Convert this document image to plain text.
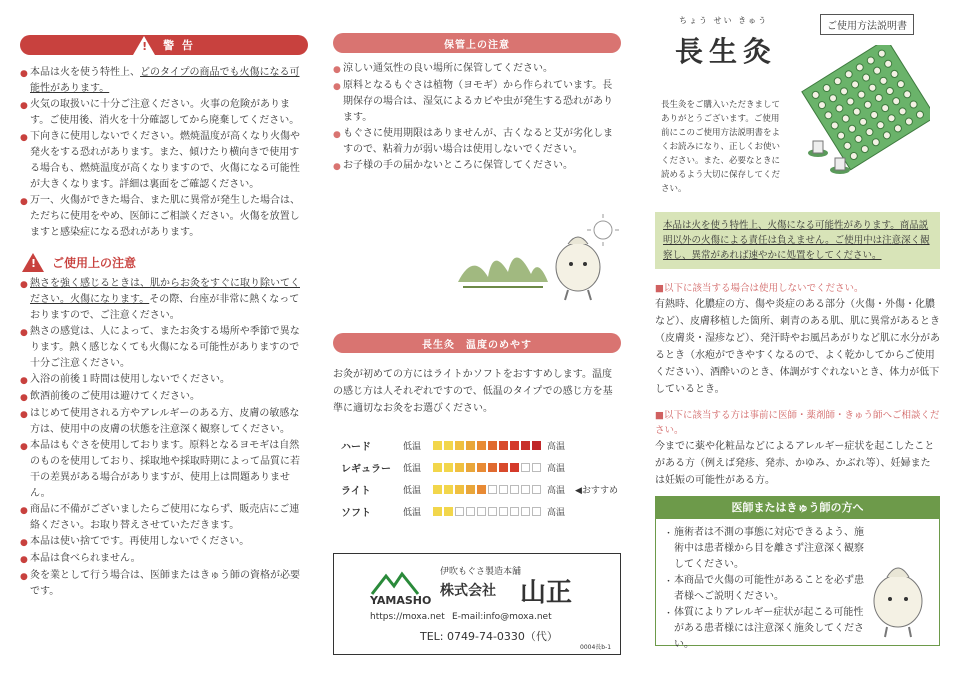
! 警 告
● 本品は火を使う特性上、どのタイプの商品でも火傷になる可能性があります。
● 火気の取扱いに十分ご注意ください。火事の危険があります。ご使用後、消火を十分確認してから廃棄してください。
● 下向きに使用しないでください。燃焼温度が高くなり火傷や発火をする恐れがあります。また、傾けたり横向きで使用する場合も、燃焼温度が高くなりますので、火傷になる可能性が大きくなります。詳細は裏面をご確認ください。
● 万一、火傷ができた場合、また肌に異常が発生した場合は、ただちに使用をやめ、医師にご相談ください。火傷を放置しますと感染症になる恐れがあります。
! ご使用上の注意
● 熱さを強く感じるときは、肌からお灸をすぐに取り除いてください。火傷になります。その際、台座が非常に熱くなっておりますので、ご注意ください。
● 熱さの感覚は、人によって、またお灸する場所や季節で異なります。熱く感じなくても火傷になる可能性がありますので十分ご注意ください。
● 入浴の前後１時間は使用しないでください。
● 飲酒前後のご使用は避けてください。
● はじめて使用される方やアレルギーのある方、皮膚の敏感な方は、使用中の皮膚の状態を注意深く観察してください。
● 本品はもぐさを使用しております。原料となるヨモギは自然のものを使用しており、採取地や採取時期によって品質に若干の差異がある場合がありますが、使用上は問題ありません。
● 商品に不備がございましたらご使用にならず、販売店にご連絡ください。お取り替えさせていただきます。
● 本品は使い捨てです。再使用しないでください。
● 本品は食べられません。
● 灸を業として行う場合は、医師またはきゅう師の資格が必要です。
保管上の注意
● 涼しい通気性の良い場所に保管してください。
● 原料となるもぐさは植物（ヨモギ）から作られています。長期保存の場合は、湿気によるカビや虫が発生する恐れがあります。
● もぐさに使用期限はありませんが、古くなると艾が劣化しますので、粘着力が弱い場合は使用しないでください。
● お子様の手の届かないところに保管してください。
長生灸　温度のめやす
お灸が初めての方にはライトかソフトをおすすめします。温度の感じ方は人それぞれですので、低温のタイプでの感じ方を基準に適切なお灸をお選びください。
ハード	低温	高温
レギュラー	低温	高温
ライト	低温	高温	◀おすすめ
ソフト	低温	高温
YAMASHO
伊吹もぐさ製造本舗
株式会社 山正
https://moxa.net E-mail:info@moxa.net
TEL: 0749-74-0330（代）
0004長b-1
ちょう せい きゅう
長生灸
ご使用方法説明書
長生灸をご購入いただきまして ありがとうございます。ご使用前にこのご使用方法説明書をよくお読みになり、正しくお使いください。また、必要なときに読めるよう大切に保存してください。
本品は火を使う特性上、火傷になる可能性があります。商品説明以外の火傷による責任は負えません。ご使用中は注意深く観察し、異常があれば速やかに処置をしてください。
■以下に該当する場合は使用しないでください。
有熱時、化膿症の方、傷や炎症のある部分（火傷・外傷・化膿など）、皮膚移植した箇所、刺青のある肌、肌に異常があるとき（皮膚炎・湿疹など）、発汗時やお風呂あがりなど肌に水分があるとき（水疱ができやすくなるので、よく乾かしてからご使用ください）、酒酔いのとき、体調がすぐれないとき、体力が低下しているとき。
■以下に該当する方は事前に医師・薬剤師・きゅう師へご相談ください。
今までに薬や化粧品などによるアレルギー症状を起こしたことがある方（例えば発疹、発赤、かゆみ、かぶれ等）、妊婦または妊娠の可能性がある方。
医師またはきゅう師の方へ
・ 施術者は不測の事態に対応できるよう、施術中は患者様から目を離さず注意深く観察してください。
・ 本商品で火傷の可能性があることを必ず患者様へご説明ください。
・ 体質によりアレルギー症状が起こる可能性がある患者様には注意深く施灸してください。
